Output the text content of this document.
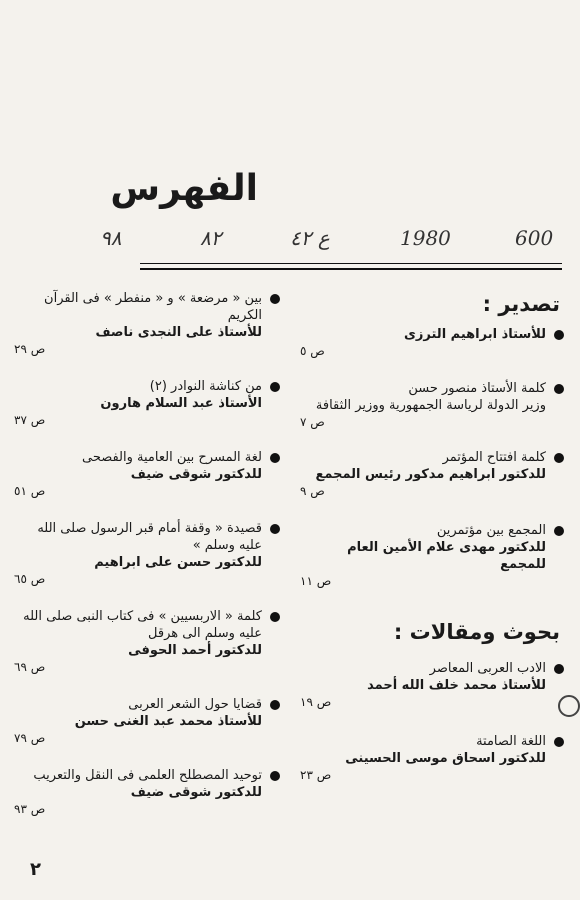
الفهرس
600
1980
ع ٤٢
٨٢
٩٨
تصدير :
للأستاذ ابراهيم الترزى
ص ٥
كلمة الأستاذ منصور حسن
وزير الدولة لرياسة الجمهورية ووزير الثقافة
ص ٧
كلمة افتتاح المؤتمر
للدكتور ابراهيم مدكور رئيس المجمع
ص ٩
المجمع بين مؤتمرين
للدكتور مهدى علام الأمين العام للمجمع
ص ١١
بحوث ومقالات :
الادب العربى المعاصر
للأستاذ محمد خلف الله أحمد
ص ١٩
اللغة الصامتة
للدكتور اسحاق موسى الحسينى
ص ٢٣
بين « مرضعة » و « منفطر » فى القرآن الكريم
للأستاذ على النجدى ناصف
ص ٢٩
من كناشة النوادر (٢)
الأستاذ عبد السلام هارون
ص ٣٧
لغة المسرح بين العامية والفصحى
للدكتور شوقى ضيف
ص ٥١
قصيدة « وقفة أمام قبر الرسول صلى الله عليه وسلم »
للدكتور حسن على ابراهيم
ص ٦٥
كلمة « الاربسيين » فى كتاب النبى صلى الله عليه وسلم الى هرقل
للدكتور أحمد الحوفى
ص ٦٩
قضايا حول الشعر العربى
للأستاذ محمد عبد الغنى حسن
ص ٧٩
توحيد المصطلح العلمى فى النقل والتعريب
للدكتور شوقى ضيف
ص ٩٣
٢
